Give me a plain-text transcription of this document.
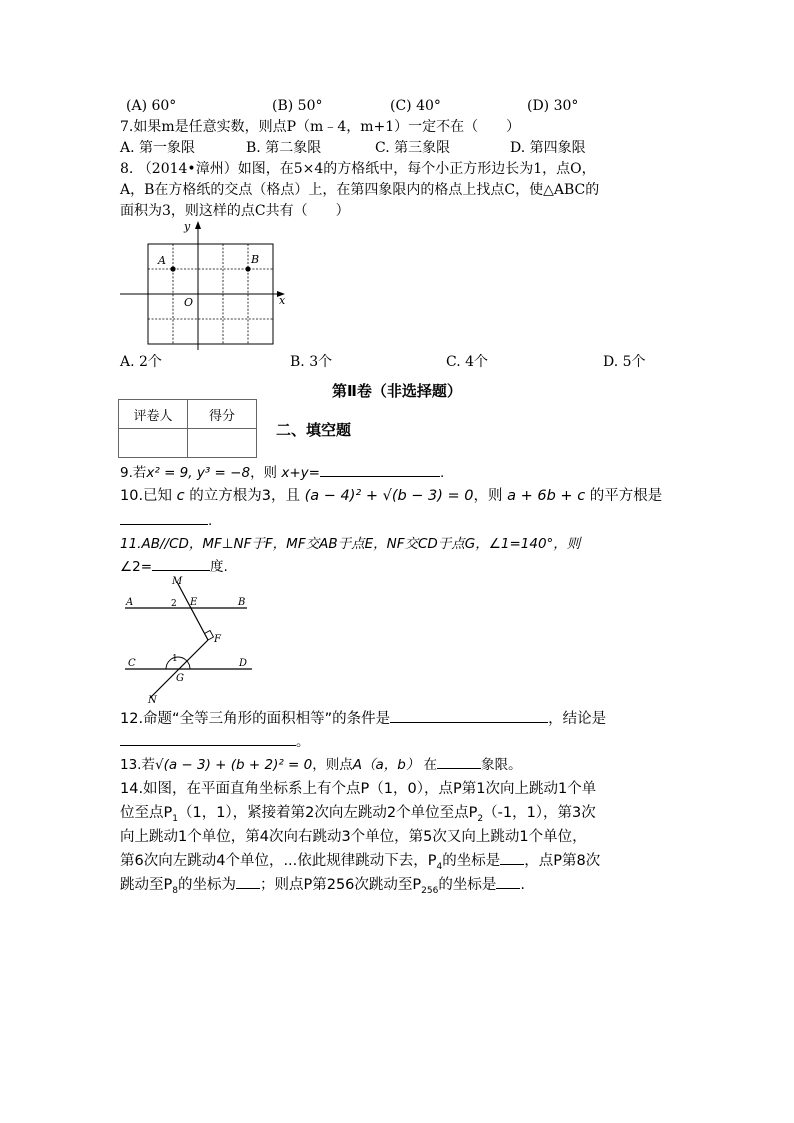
(A) 60°	(B) 50°	(C) 40°	(D) 30°
7.如果m是任意实数，则点P（m﹣4，m+1）一定不在（　　）
A. 第一象限	B. 第二象限	C. 第三象限	D. 第四象限
8. （2014•漳州）如图，在5×4的方格纸中，每个小正方形边长为1，点O，
A，B在方格纸的交点（格点）上，在第四象限内的格点上找点C，使△ABC的
面积为3，则这样的点C共有（　　）
A	B
O	x
y
A. 2个	B. 3个	C. 4个	D. 5个
第Ⅱ卷（非选择题）
评卷人	得分

二、填空题
9.若x² = 9, y³ = −8，则 x+y=	.
10.已知 c 的立方根为3，且 (a − 4)² + √(b − 3) = 0，则 a + 6b + c 的平方根是
.
11.AB//CD，MF⊥NF于F，MF交AB于点E，NF交CD于点G，∠1=140°，则
∠2=	度.
M
A	2 E	B
F
C	1
G
D
N
12.命题“全等三角形的面积相等”的条件是	，结论是
。
13.若√(a − 3) + (b + 2)² = 0，则点A（a，b） 在	象限。
14.如图，在平面直角坐标系上有个点P（1，0），点P第1次向上跳动1个单
位至点$P_1(1$，1），紧接着第2次向左跳动2个单位至点$P_2(-1$，1），第3次
向上跳动1个单位，第4次向右跳动3个单位，第5次又向上跳动1个单位，
第6次向左跳动4个单位，...依此规律跳动下去，$P_4$的坐标是 ，点P第8次
跳动至$P_8$的坐标为 ；则点P第256次跳动至$P_{256}$的坐标是 .
